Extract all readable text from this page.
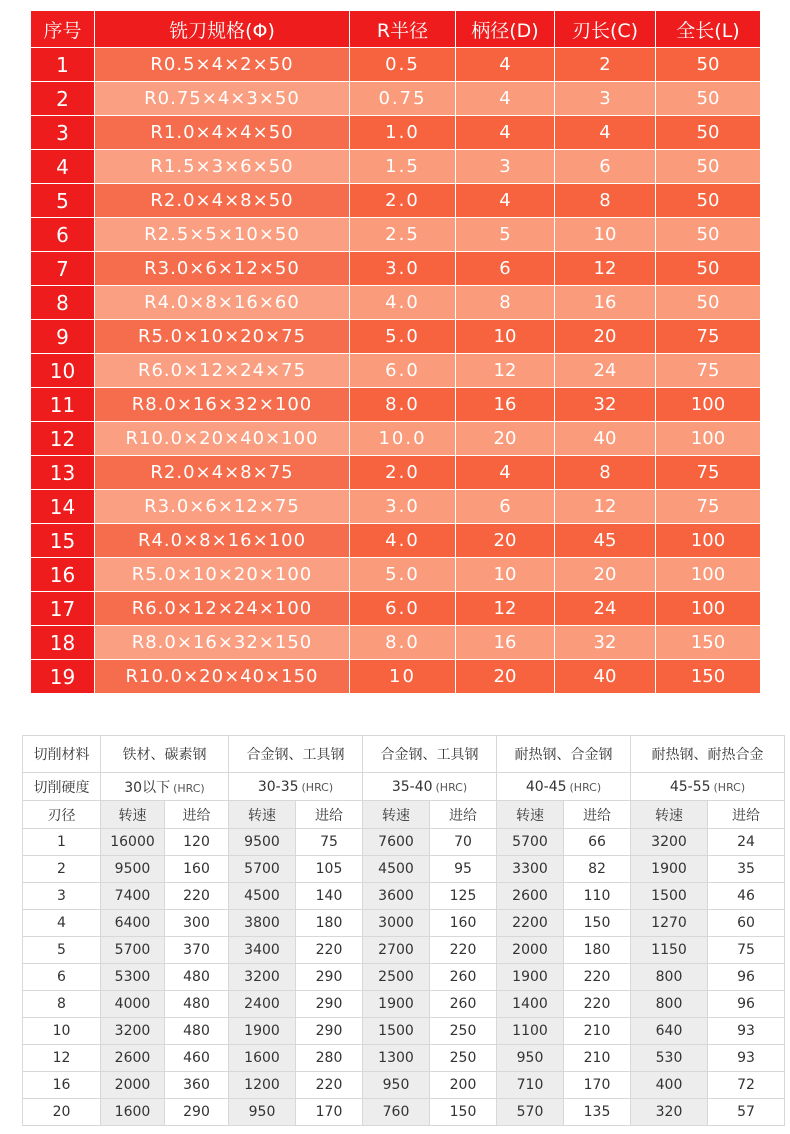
序号	铣刀规格(Φ)	R半径	柄径(D)	刃长(C)	全长(L)
1	R0.5×4×2×50	0.5	4	2	50
2	R0.75×4×3×50	0.75	4	3	50
3	R1.0×4×4×50	1.0	4	4	50
4	R1.5×3×6×50	1.5	3	6	50
5	R2.0×4×8×50	2.0	4	8	50
6	R2.5×5×10×50	2.5	5	10	50
7	R3.0×6×12×50	3.0	6	12	50
8	R4.0×8×16×60	4.0	8	16	50
9	R5.0×10×20×75	5.0	10	20	75
10	R6.0×12×24×75	6.0	12	24	75
11	R8.0×16×32×100	8.0	16	32	100
12	R10.0×20×40×100	10.0	20	40	100
13	R2.0×4×8×75	2.0	4	8	75
14	R3.0×6×12×75	3.0	6	12	75
15	R4.0×8×16×100	4.0	20	45	100
16	R5.0×10×20×100	5.0	10	20	100
17	R6.0×12×24×100	6.0	12	24	100
18	R8.0×16×32×150	8.0	16	32	150
19	R10.0×20×40×150	10	20	40	150
切削材料	铁材、碳素钢		合金钢、工具钢		合金钢、工具钢		耐热钢、合金钢		耐热钢、耐热合金	
切削硬度	30以下 (HRC)		30-35 (HRC)		35-40 (HRC)		40-45 (HRC)		45-55 (HRC)	
刃径	转速	进给	转速	进给	转速	进给	转速	进给	转速	进给
1	16000	120	9500	75	7600	70	5700	66	3200	24
2	9500	160	5700	105	4500	95	3300	82	1900	35
3	7400	220	4500	140	3600	125	2600	110	1500	46
4	6400	300	3800	180	3000	160	2200	150	1270	60
5	5700	370	3400	220	2700	220	2000	180	1150	75
6	5300	480	3200	290	2500	260	1900	220	800	96
8	4000	480	2400	290	1900	260	1400	220	800	96
10	3200	480	1900	290	1500	250	1100	210	640	93
12	2600	460	1600	280	1300	250	950	210	530	93
16	2000	360	1200	220	950	200	710	170	400	72
20	1600	290	950	170	760	150	570	135	320	57
